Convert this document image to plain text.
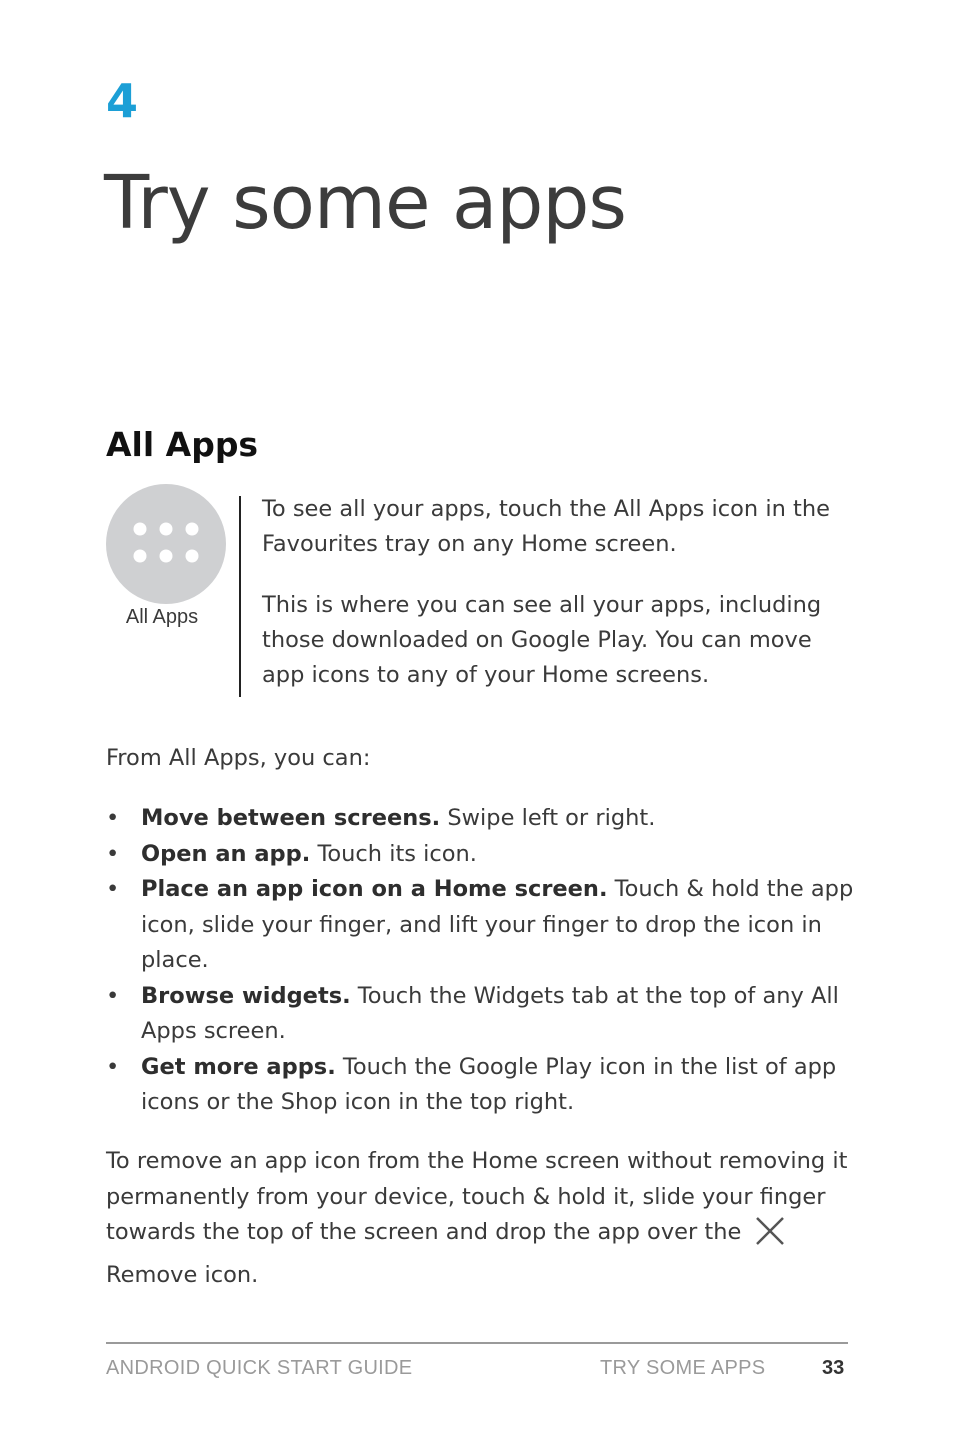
4
Try some apps
All Apps
All Apps

To see all your apps, touch the All Apps icon in the Favourites tray on any Home screen.

This is where you can see all your apps, including those downloaded on Google Play. You can move app icons to any of your Home screens.

From All Apps, you can:
• Move between screens. Swipe left or right.
• Open an app. Touch its icon.
• Place an app icon on a Home screen. Touch & hold the app icon, slide your finger, and lift your finger to drop the icon in place.
• Browse widgets. Touch the Widgets tab at the top of any All Apps screen.
• Get more apps. Touch the Google Play icon in the list of app icons or the Shop icon in the top right.
To remove an app icon from the Home screen without removing it permanently from your device, touch & hold it, slide your finger towards the top of the screen and drop the app over the
Remove icon.
ANDROID QUICK START GUIDE	TRY SOME APPS	33
